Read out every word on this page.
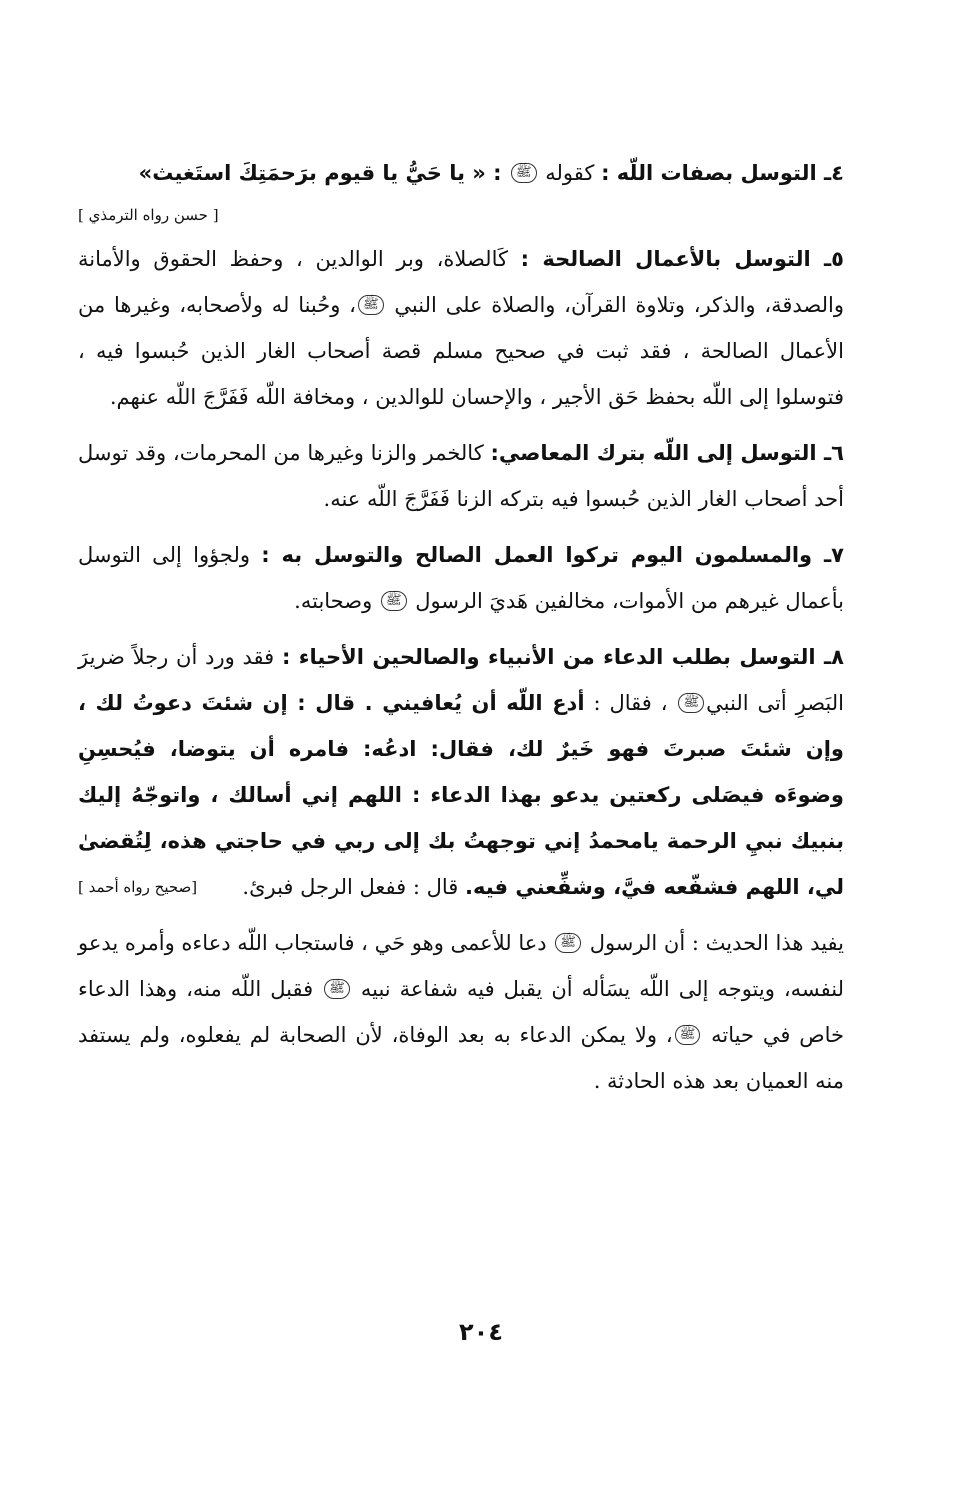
٤ـ التوسل بصفات اللّه : كقوله ﷺ : « يا حَيُّ يا قيوم برَحمَتِكَ استَغيث»

[ حسن رواه الترمذي ]

٥ـ التوسل بالأعمال الصالحة : كَالصلاة، وبر الوالدين ، وحفظ الحقوق والأمانة والصدقة، والذكر، وتلاوة القرآن، والصلاة على النبي ﷺ، وحُبنا له ولأصحابه، وغيرها من الأعمال الصالحة ، فقد ثبت في صحيح مسلم قصة أصحاب الغار الذين حُبسوا فيه ، فتوسلوا إلى اللّه بحفظ حَق الأجير ، والإحسان للوالدين ، ومخافة اللّه فَفَرَّجَ اللّه عنهم.

٦ـ التوسل إلى اللّه بترك المعاصي: كالخمر والزنا وغيرها من المحرمات، وقد توسل أحد أصحاب الغار الذين حُبسوا فيه بتركه الزنا فَفَرَّجَ اللّه عنه.

٧ـ والمسلمون اليوم تركوا العمل الصالح والتوسل به : ولجؤوا إلى التوسل بأعمال غيرهم من الأموات، مخالفين هَديَ الرسول ﷺ وصحابته.

٨ـ التوسل بطلب الدعاء من الأنبياء والصالحين الأحياء : فقد ورد أن رجلاً ضريرَ البَصرِ أتى النبيﷺ ، فقال : أدع اللّه أن يُعافيني . قال : إن شئتَ دعوتُ لك ، وإن شئتَ صبرتَ فهو خَيرٌ لك، فقال: ادعُه: فامره أن يتوضا، فيُحسِنِ وضوءَه فيصَلى ركعتين يدعو بهذا الدعاء : اللهم إني أسالك ، واتوجّهُ إليك بنبيك نبيِ الرحمة يامحمدُ إني توجهتُ بك إلى ربي في حاجتي هذه، لِتُقضىٰ لي، اللهم فشفّعه فيَّ، وشفِّعني فيه. قال : ففعل الرجل فبرئ.
[صحيح رواه أحمد ]

يفيد هذا الحديث : أن الرسول ﷺ دعا للأعمى وهو حَي ، فاستجاب اللّه دعاءه وأمره يدعو لنفسه، ويتوجه إلى اللّه يسَأله أن يقبل فيه شفاعة نبيه ﷺ فقبل اللّه منه، وهذا الدعاء خاص في حياته ﷺ، ولا يمكن الدعاء به بعد الوفاة، لأن الصحابة لم يفعلوه، ولم يستفد منه العميان بعد هذه الحادثة .

٢٠٤
